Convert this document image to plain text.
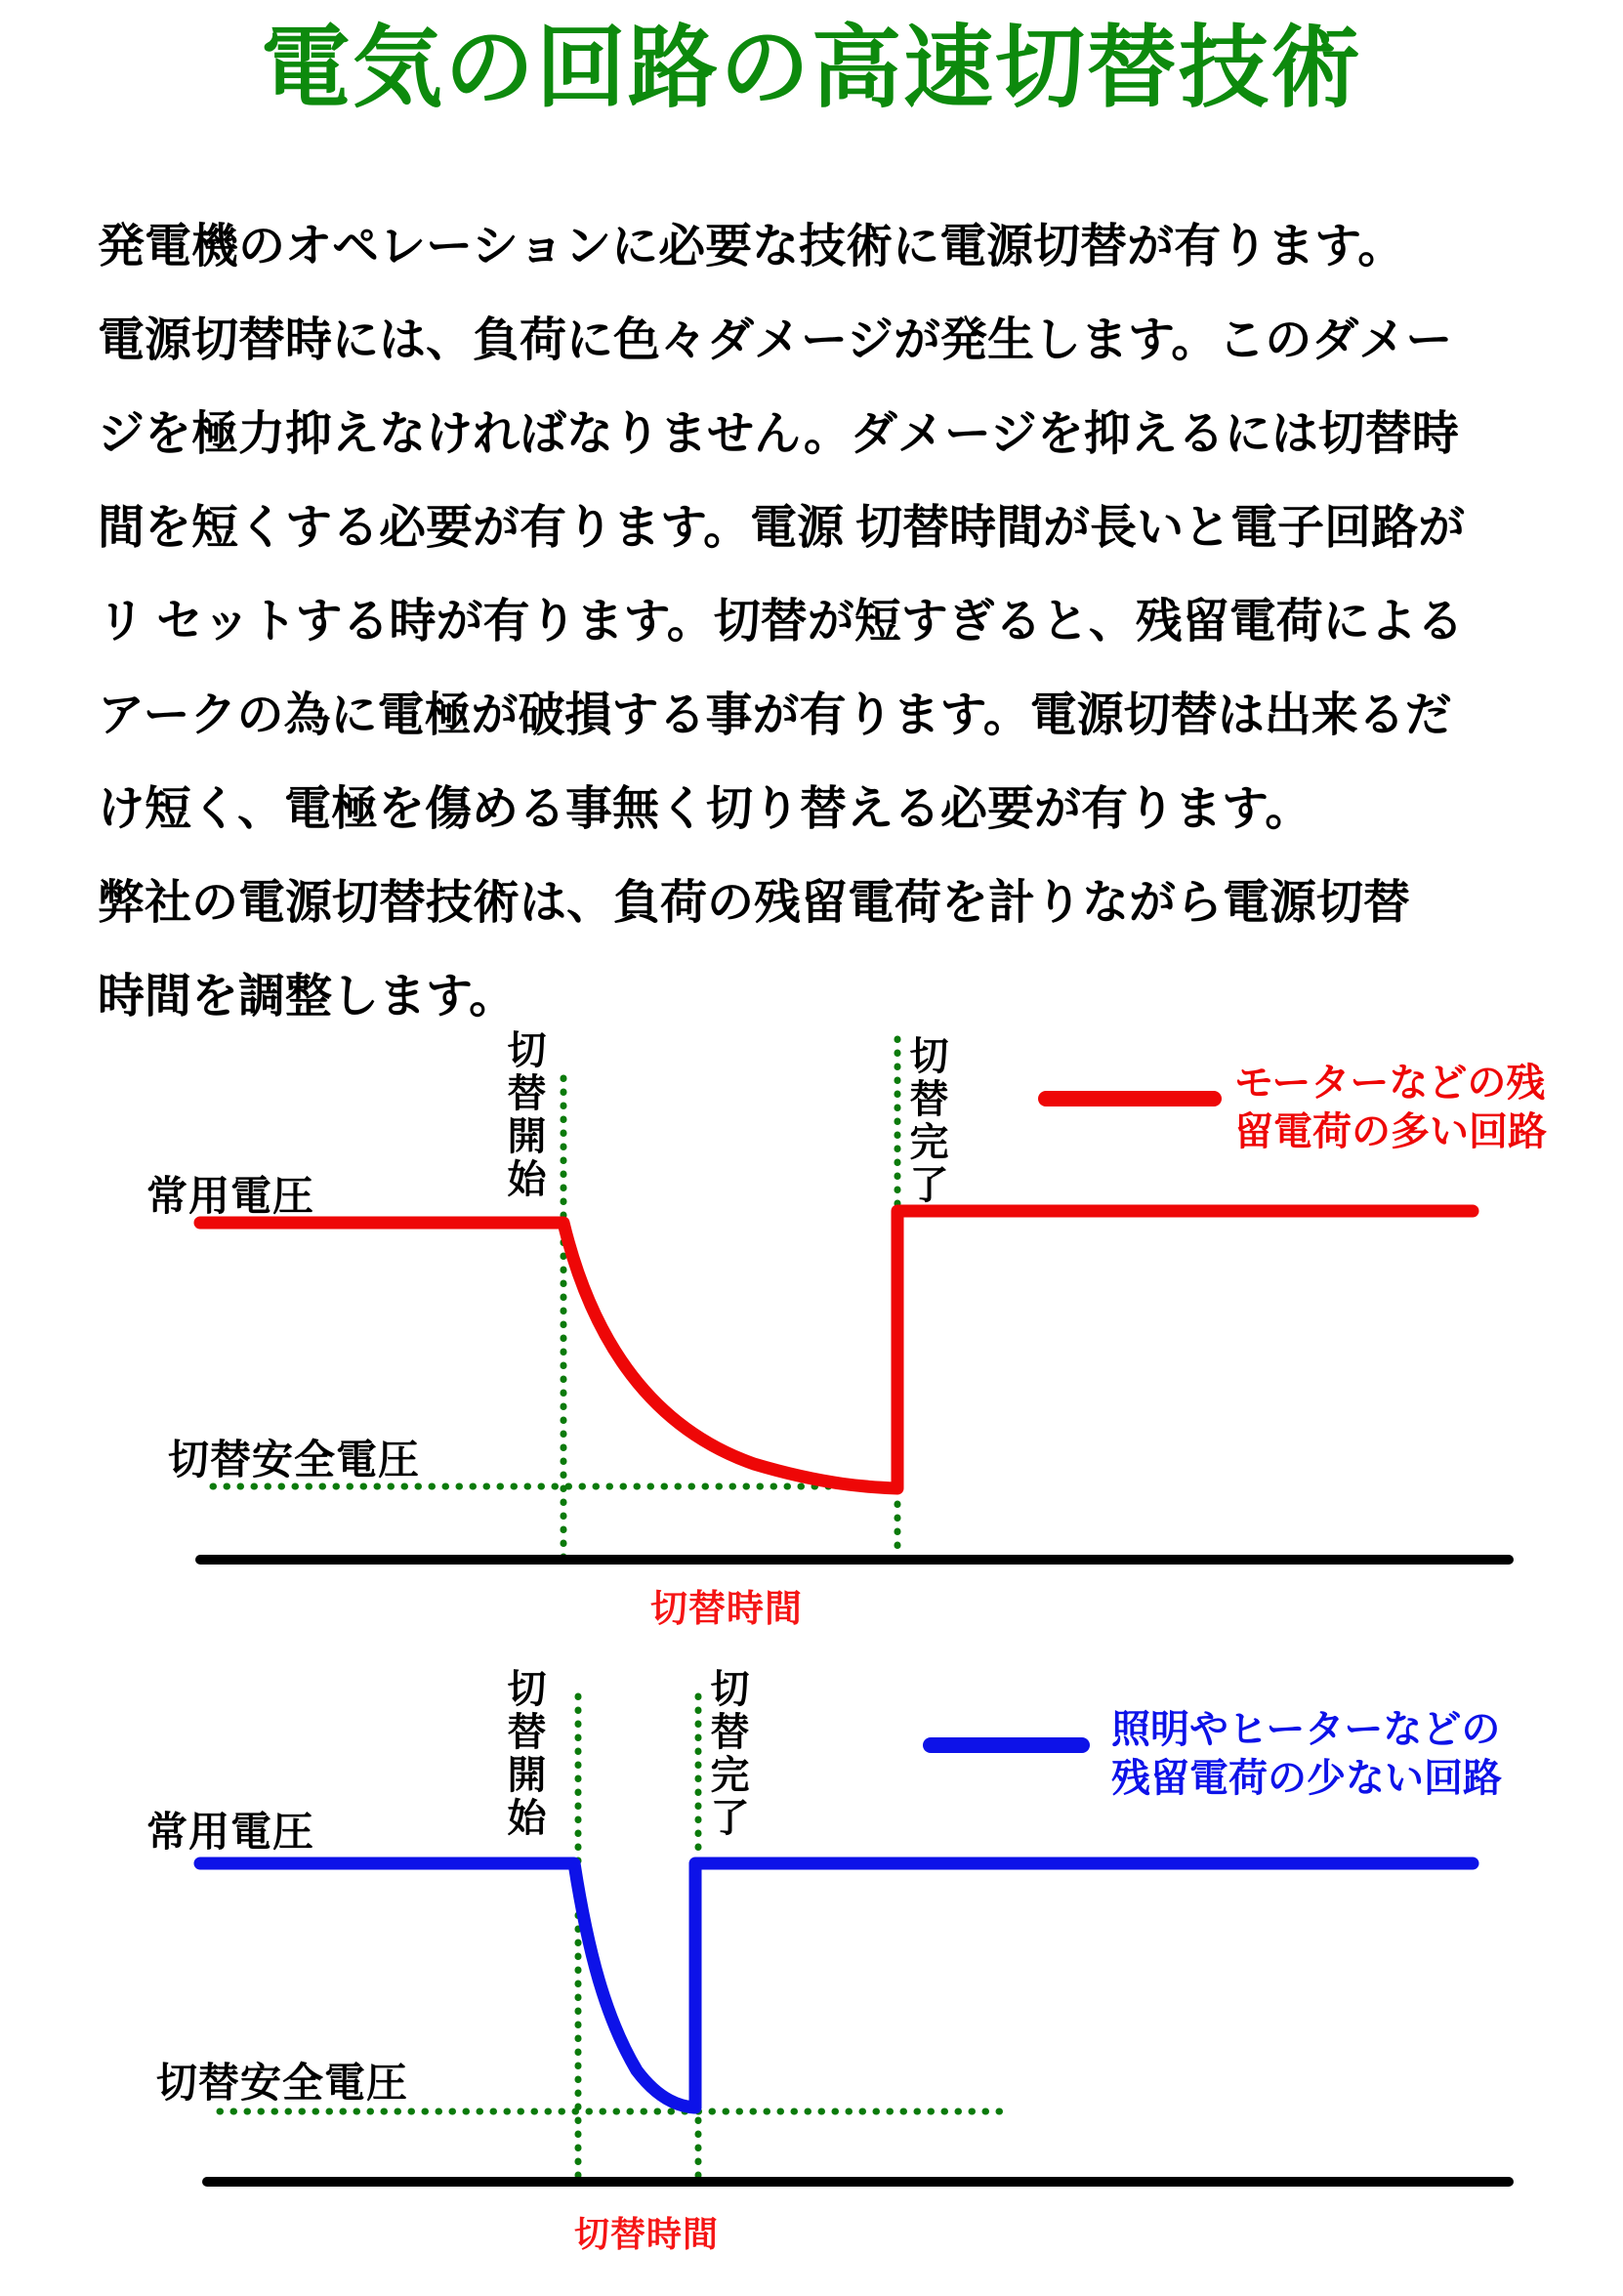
電気の回路の高速切替技術
発電機のオペレーションに必要な技術に電源切替が有ります。
電源切替時には、負荷に色々ダメージが発生します。このダメー
ジを極力抑えなければなりません。ダメージを抑えるには切替時
間を短くする必要が有ります。電源 切替時間が長いと電子回路が
リ セットする時が有ります。切替が短すぎると、残留電荷による
アークの為に電極が破損する事が有ります。電源切替は出来るだ
け短く、電極を傷める事無く切り替える必要が有ります。
弊社の電源切替技術は、負荷の残留電荷を計りながら電源切替
時間を調整します。
常用電圧
切替安全電圧
切替開始	切替完了	モーターなどの残
留電荷の多い回路
切替時間
常用電圧
切替安全電圧
切替開始	切替完了	照明やヒーターなどの
残留電荷の少ない回路
切替時間
